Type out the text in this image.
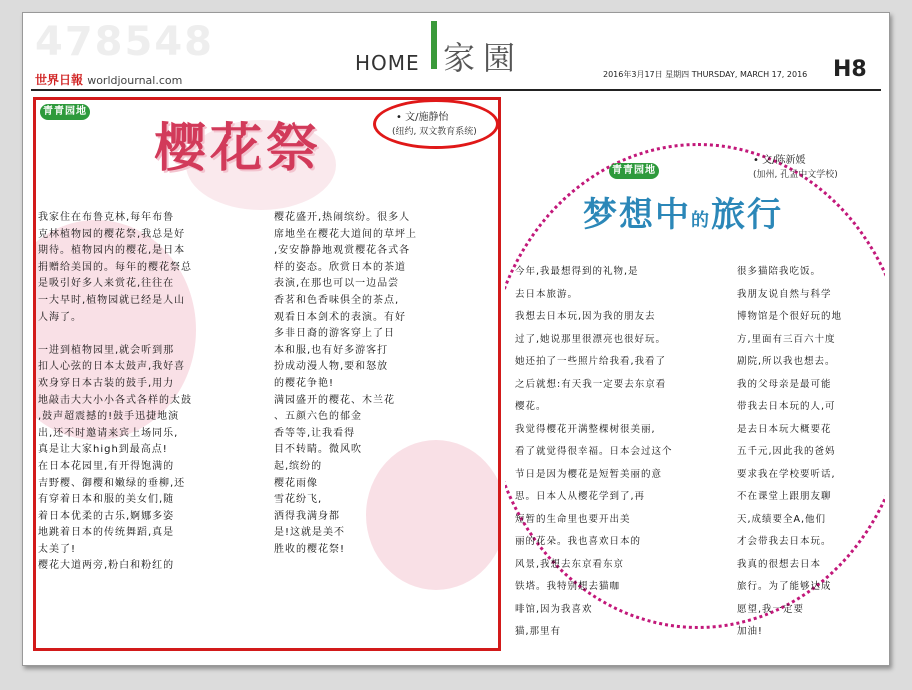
478548	HOME 家園
世界日報 worldjournal.com	2016年3月17日 星期四 THURSDAY, MARCH 17, 2016 H8
青青园地
樱花祭
• 文/施静怡
(纽约, 双文教育系统)

我家住在布鲁克林,每年布鲁

克林植物园的樱花祭,我总是好

期待。植物园内的樱花,是日本

捐赠给美国的。每年的樱花祭总

是吸引好多人来赏花,往往在

一大早时,植物园就已经是人山

人海了。

一进到植物园里,就会听到那

扣人心弦的日本太鼓声,我好喜

欢身穿日本古装的鼓手,用力

地敲击大大小小各式各样的太鼓

,鼓声超震撼的!鼓手迅捷地演

出,还不时邀请来宾上场同乐,

真是让大家high到最高点!

在日本花园里,有开得饱满的

吉野樱、御樱和嫩绿的垂柳,还

有穿着日本和服的美女们,随

着日本优柔的古乐,婀娜多姿

地跳着日本的传统舞蹈,真是

太美了!

樱花大道两旁,粉白和粉红的

樱花盛开,热闹缤纷。很多人

席地坐在樱花大道间的草坪上

,安安静静地观赏樱花各式各

样的姿态。欣赏日本的茶道

表演,在那也可以一边品尝

香茗和色香味俱全的茶点,

观看日本剑术的表演。有好

多非日裔的游客穿上了日

本和服,也有好多游客打

扮成动漫人物,要和怒放

的樱花争艳!

满园盛开的樱花、木兰花

、五颜六色的郁金

香等等,让我看得

目不转睛。微风吹

起,缤纷的

樱花雨像

雪花纷飞,

洒得我满身都

是!这就是美不

胜收的樱花祭!

青青园地
• 文/陈新媛
(加州, 孔孟中文学校)
梦想中的旅行

今年,我最想得到的礼物,是

去日本旅游。

我想去日本玩,因为我的朋友去

过了,她说那里很漂亮也很好玩。

她还拍了一些照片给我看,我看了

之后就想:有天我一定要去东京看

樱花。

我觉得樱花开满整棵树很美丽,

看了就觉得很幸福。日本会过这个

节日是因为樱花是短暂美丽的意

思。日本人从樱花学到了,再

短暂的生命里也要开出美

丽的花朵。我也喜欢日本的

风景,我想去东京看东京

铁塔。我特别想去猫咖

啡馆,因为我喜欢

猫,那里有

很多猫陪我吃饭。

我朋友说自然与科学

博物馆是个很好玩的地

方,里面有三百六十度

剧院,所以我也想去。

我的父母亲是最可能

带我去日本玩的人,可

是去日本玩大概要花

五千元,因此我的爸妈

要求我在学校要听话,

不在课堂上跟朋友聊

天,成绩要全A,他们

才会带我去日本玩。

我真的很想去日本

旅行。为了能够达成

愿望,我一定要

加油!
